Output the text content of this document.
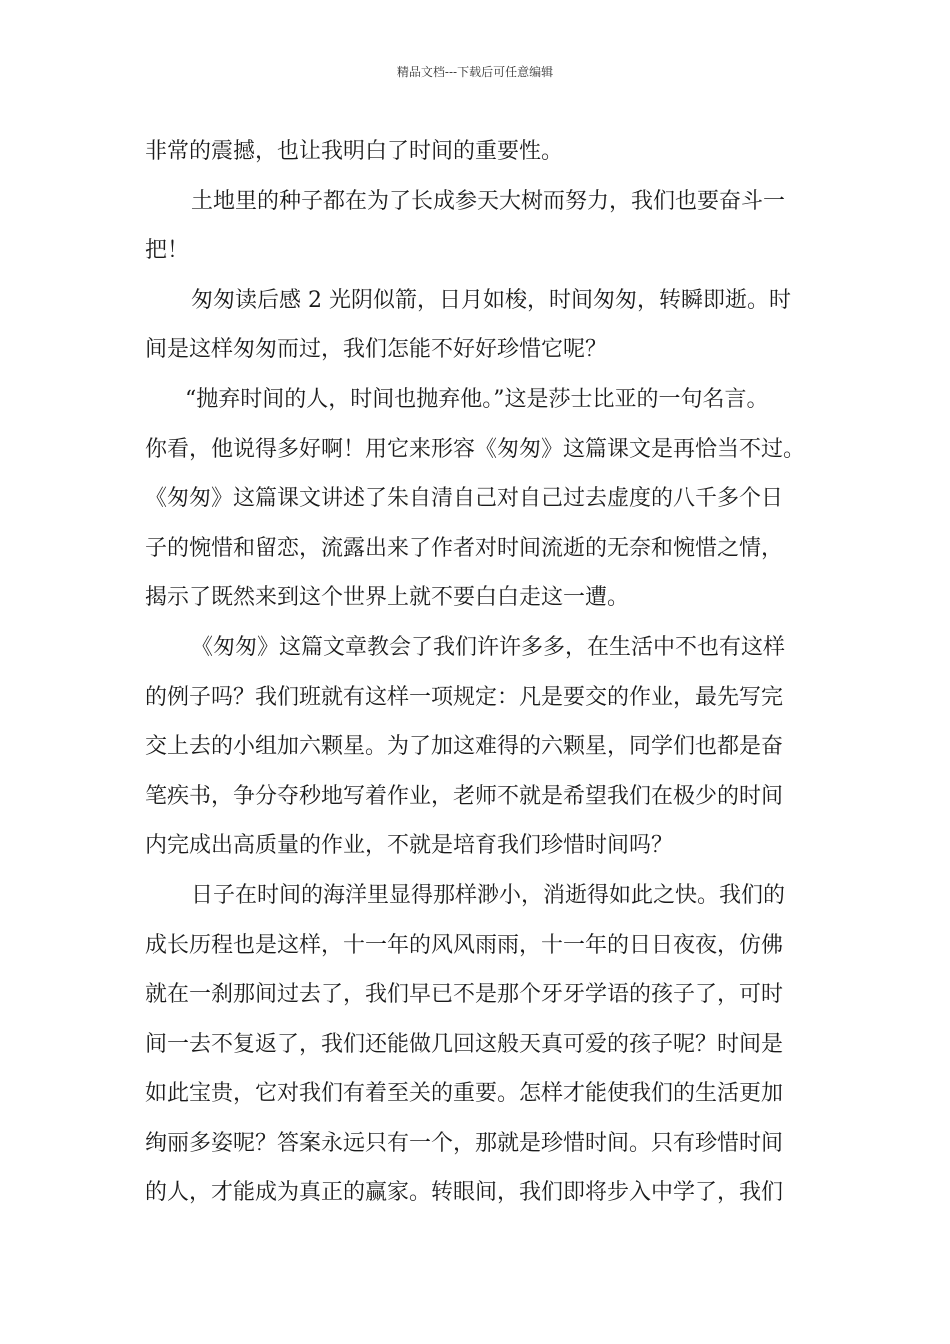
精品文档---下载后可任意编辑
非常的震撼，也让我明白了时间的重要性。
土地里的种子都在为了长成参天大树而努力，我们也要奋斗一
把！
匆匆读后感 2 光阴似箭，日月如梭，时间匆匆，转瞬即逝。时
间是这样匆匆而过，我们怎能不好好珍惜它呢？
“抛弃时间的人，时间也抛弃他。”这是莎士比亚的一句名言。
你看，他说得多好啊！用它来形容《匆匆》这篇课文是再恰当不过。
《匆匆》这篇课文讲述了朱自清自己对自己过去虚度的八千多个日
子的惋惜和留恋，流露出来了作者对时间流逝的无奈和惋惜之情，
揭示了既然来到这个世界上就不要白白走这一遭。
《匆匆》这篇文章教会了我们许许多多，在生活中不也有这样
的例子吗？我们班就有这样一项规定：凡是要交的作业，最先写完
交上去的小组加六颗星。为了加这难得的六颗星，同学们也都是奋
笔疾书，争分夺秒地写着作业，老师不就是希望我们在极少的时间
内完成出高质量的作业，不就是培育我们珍惜时间吗？
日子在时间的海洋里显得那样渺小，消逝得如此之快。我们的
成长历程也是这样，十一年的风风雨雨，十一年的日日夜夜，仿佛
就在一刹那间过去了，我们早已不是那个牙牙学语的孩子了，可时
间一去不复返了，我们还能做几回这般天真可爱的孩子呢？时间是
如此宝贵，它对我们有着至关的重要。怎样才能使我们的生活更加
绚丽多姿呢？答案永远只有一个，那就是珍惜时间。只有珍惜时间
的人，才能成为真正的赢家。转眼间，我们即将步入中学了，我们
